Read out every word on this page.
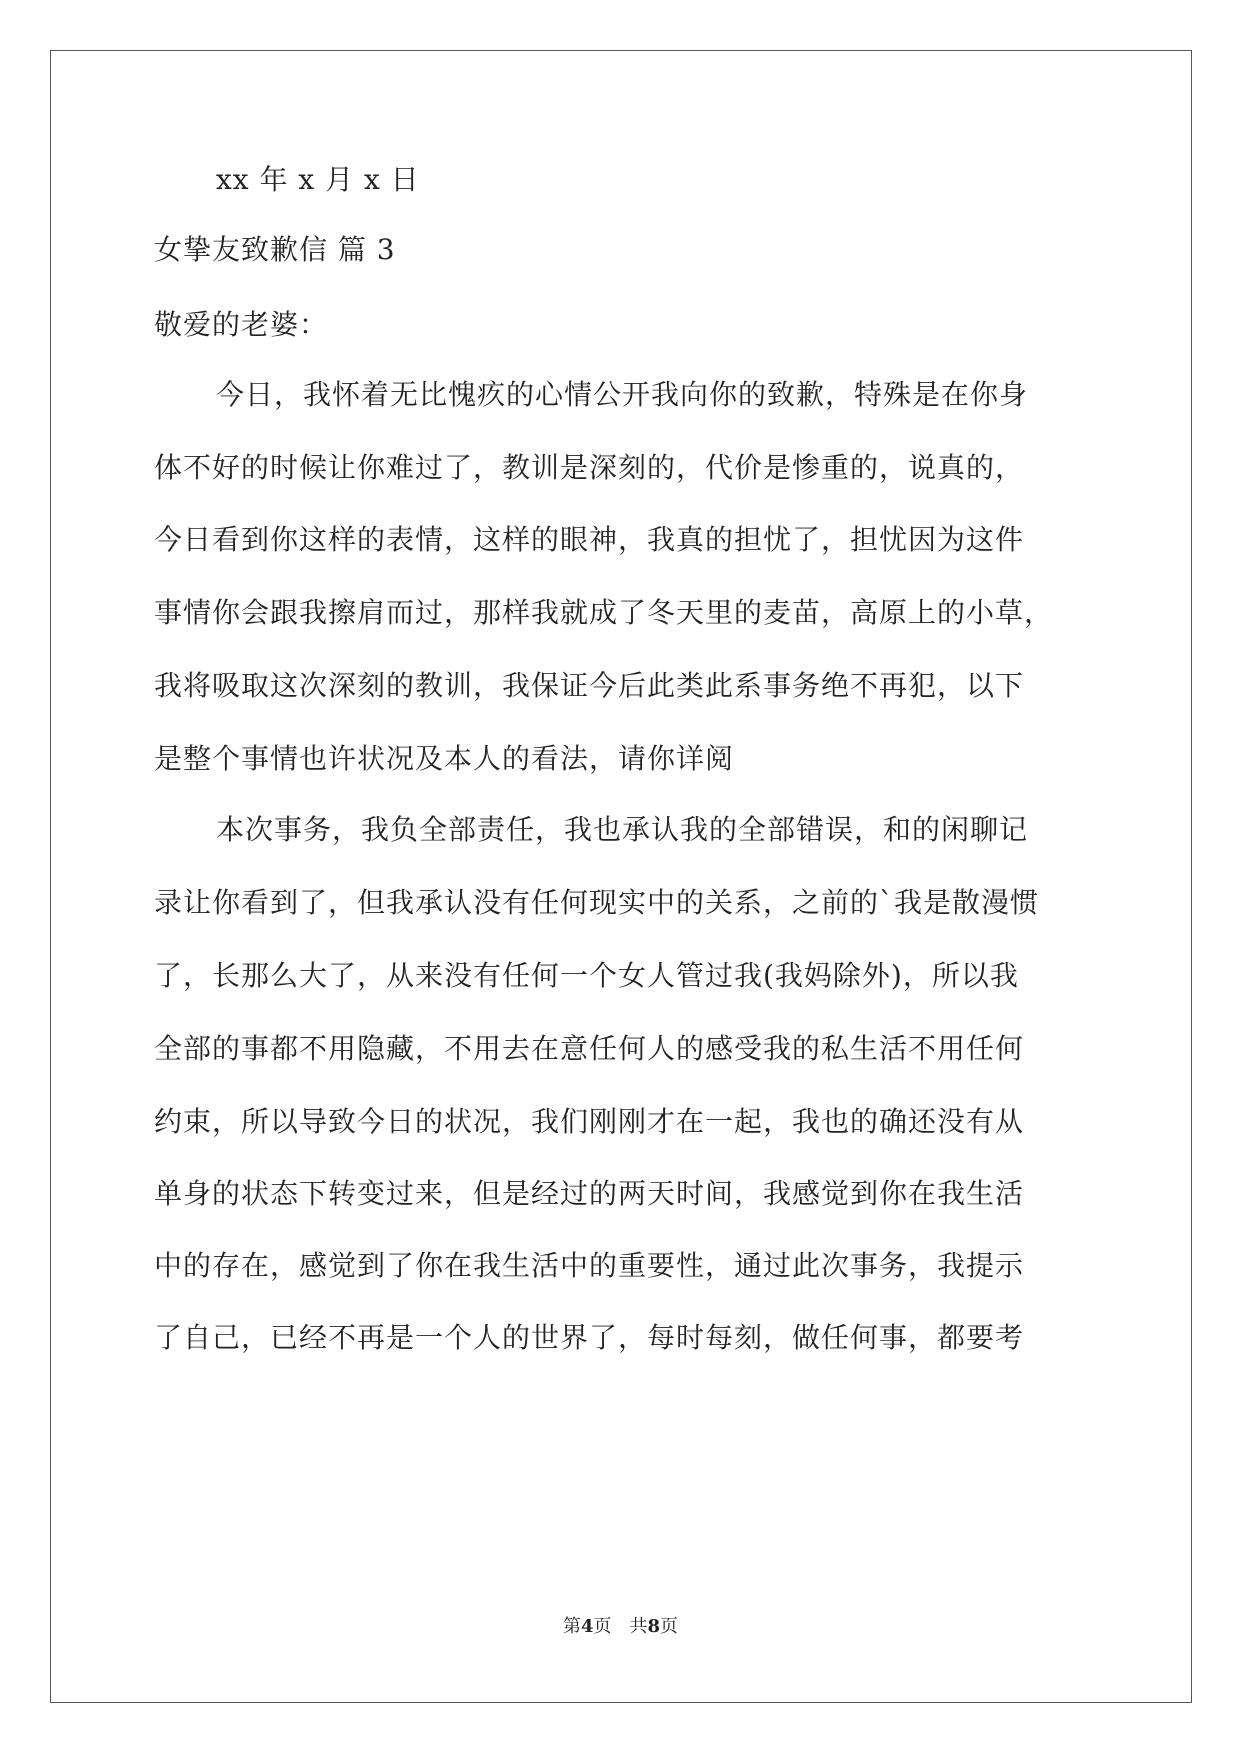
xx 年 x 月 x 日
女挚友致歉信 篇 3
敬爱的老婆：
今日，我怀着无比愧疚的心情公开我向你的致歉，特殊是在你身
体不好的时候让你难过了，教训是深刻的，代价是惨重的，说真的，
今日看到你这样的表情，这样的眼神，我真的担忧了，担忧因为这件
事情你会跟我擦肩而过，那样我就成了冬天里的麦苗，高原上的小草，
我将吸取这次深刻的教训，我保证今后此类此系事务绝不再犯，以下
是整个事情也许状况及本人的看法，请你详阅
本次事务，我负全部责任，我也承认我的全部错误，和的闲聊记
录让你看到了，但我承认没有任何现实中的关系，之前的`我是散漫惯
了，长那么大了，从来没有任何一个女人管过我(我妈除外)，所以我
全部的事都不用隐藏，不用去在意任何人的感受我的私生活不用任何
约束，所以导致今日的状况，我们刚刚才在一起，我也的确还没有从
单身的状态下转变过来，但是经过的两天时间，我感觉到你在我生活
中的存在，感觉到了你在我生活中的重要性，通过此次事务，我提示
了自己，已经不再是一个人的世界了，每时每刻，做任何事，都要考
第4页 共8页
